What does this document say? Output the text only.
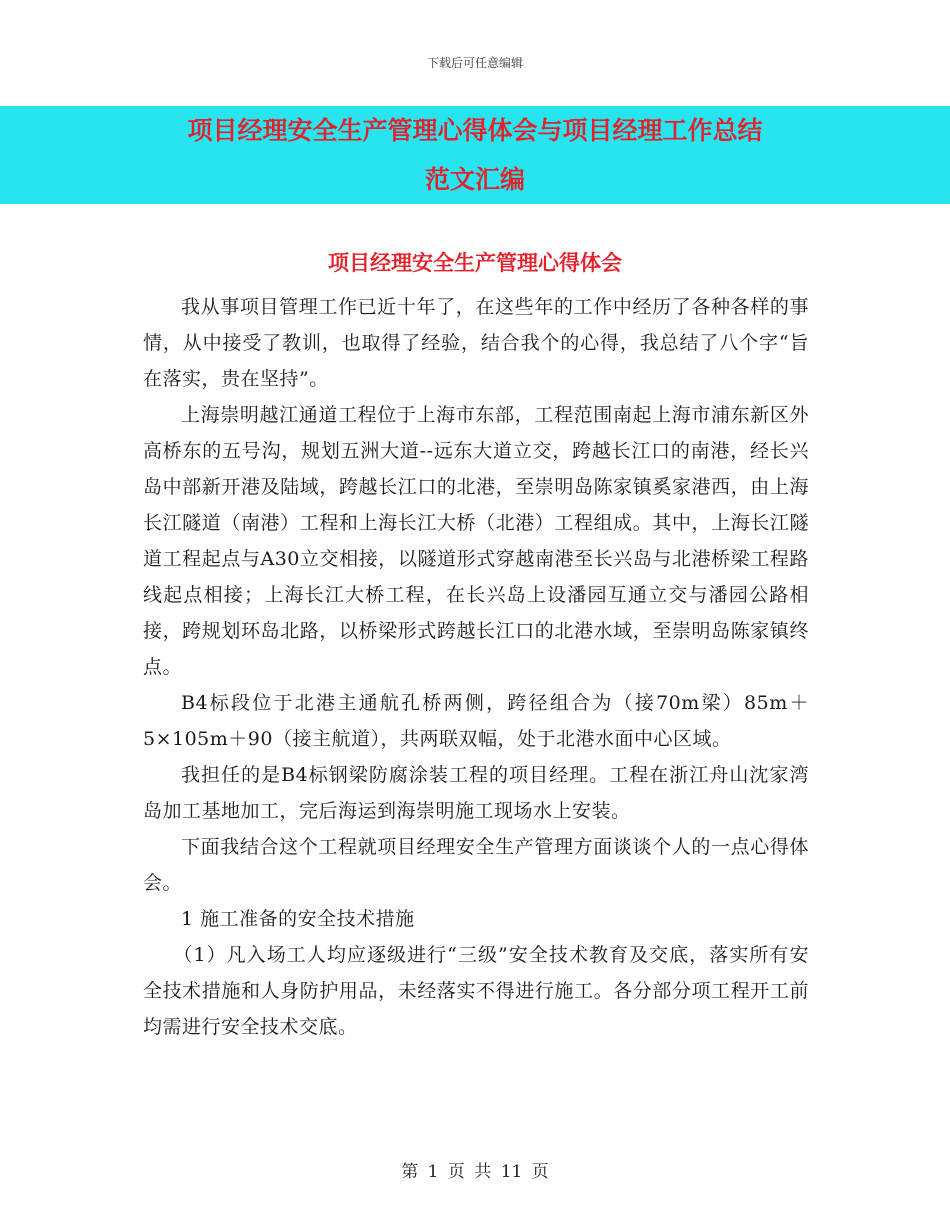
下载后可任意编辑
项目经理安全生产管理心得体会与项目经理工作总结
范文汇编
项目经理安全生产管理心得体会

我从事项目管理工作已近十年了，在这些年的工作中经历了各种各样的事情，从中接受了教训，也取得了经验，结合我个的心得，我总结了八个字“旨在落实，贵在坚持”。

上海崇明越江通道工程位于上海市东部，工程范围南起上海市浦东新区外高桥东的五号沟，规划五洲大道--远东大道立交，跨越长江口的南港，经长兴岛中部新开港及陆域，跨越长江口的北港，至崇明岛陈家镇奚家港西，由上海长江隧道（南港）工程和上海长江大桥（北港）工程组成。其中，上海长江隧道工程起点与A30立交相接，以隧道形式穿越南港至长兴岛与北港桥梁工程路线起点相接；上海长江大桥工程，在长兴岛上设潘园互通立交与潘园公路相接，跨规划环岛北路，以桥梁形式跨越长江口的北港水域，至崇明岛陈家镇终点。

B4标段位于北港主通航孔桥两侧，跨径组合为（接70m梁）85m＋5×105m＋90（接主航道），共两联双幅，处于北港水面中心区域。

我担任的是B4标钢梁防腐涂装工程的项目经理。工程在浙江舟山沈家湾岛加工基地加工，完后海运到海崇明施工现场水上安装。

下面我结合这个工程就项目经理安全生产管理方面谈谈个人的一点心得体会。

1 施工准备的安全技术措施

（1）凡入场工人均应逐级进行“三级”安全技术教育及交底，落实所有安全技术措施和人身防护用品，未经落实不得进行施工。各分部分项工程开工前均需进行安全技术交底。

第 1 页 共 11 页
